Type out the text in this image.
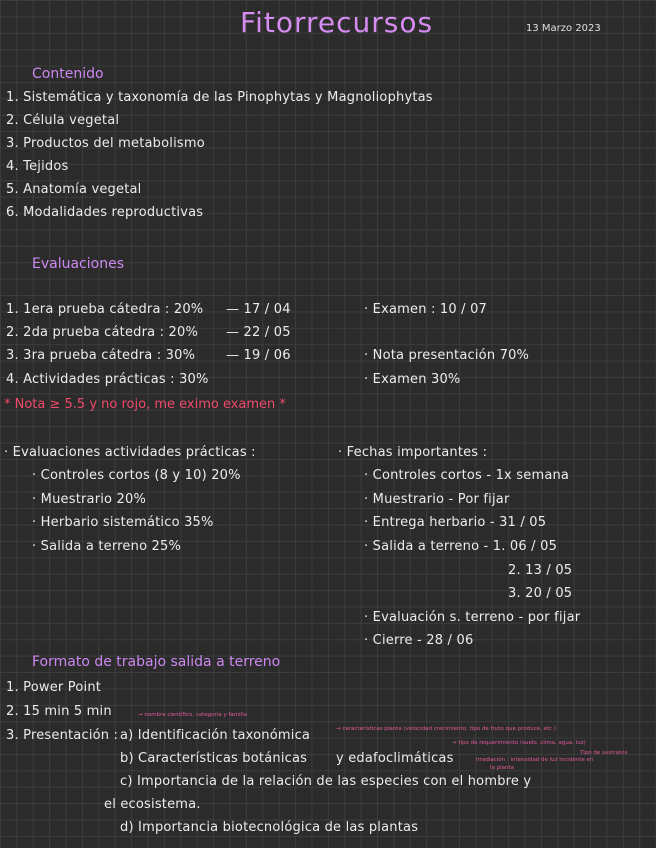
Fitorrecursos	13 Marzo 2023
Contenido
1. Sistemática y taxonomía de las Pinophytas y Magnoliophytas
2. Célula vegetal
3. Productos del metabolismo
4. Tejidos
5. Anatomía vegetal
6. Modalidades reproductivas
Evaluaciones
1. 1era prueba cátedra : 20% — 17 / 04
2. 2da prueba cátedra : 20% — 22 / 05
3. 3ra prueba cátedra : 30% — 19 / 06
4. Actividades prácticas : 30%
· Examen : 10 / 07
· Nota presentación 70%
· Examen 30%
* Nota ≥ 5.5 y no rojo, me eximo examen *
· Evaluaciones actividades prácticas :
· Controles cortos (8 y 10) 20%
· Muestrario 20%
· Herbario sistemático 35%
· Salida a terreno 25%
· Fechas importantes :
· Controles cortos - 1x semana
· Muestrario - Por fijar
· Entrega herbario - 31 / 05
· Salida a terreno - 1. 06 / 05
2. 13 / 05
3. 20 / 05
· Evaluación s. terreno - por fijar
· Cierre - 28 / 06
Formato de trabajo salida a terreno
1. Power Point
2. 15 min 5 min
3. Presentación :
→ nombre científico, categoría y familia
a) Identificación taxonómica	→ características planta (velocidad crecimiento, tipo de fruto que produce, etc.)
→ tipo de requerimiento (suelo, clima, agua, luz)
Tipo de sustratos
irradiación : intensidad de luz incidente en
la planta
b) Características botánicas y edafoclimáticas
c) Importancia de la relación de las especies con el hombre y
el ecosistema.
d) Importancia biotecnológica de las plantas
